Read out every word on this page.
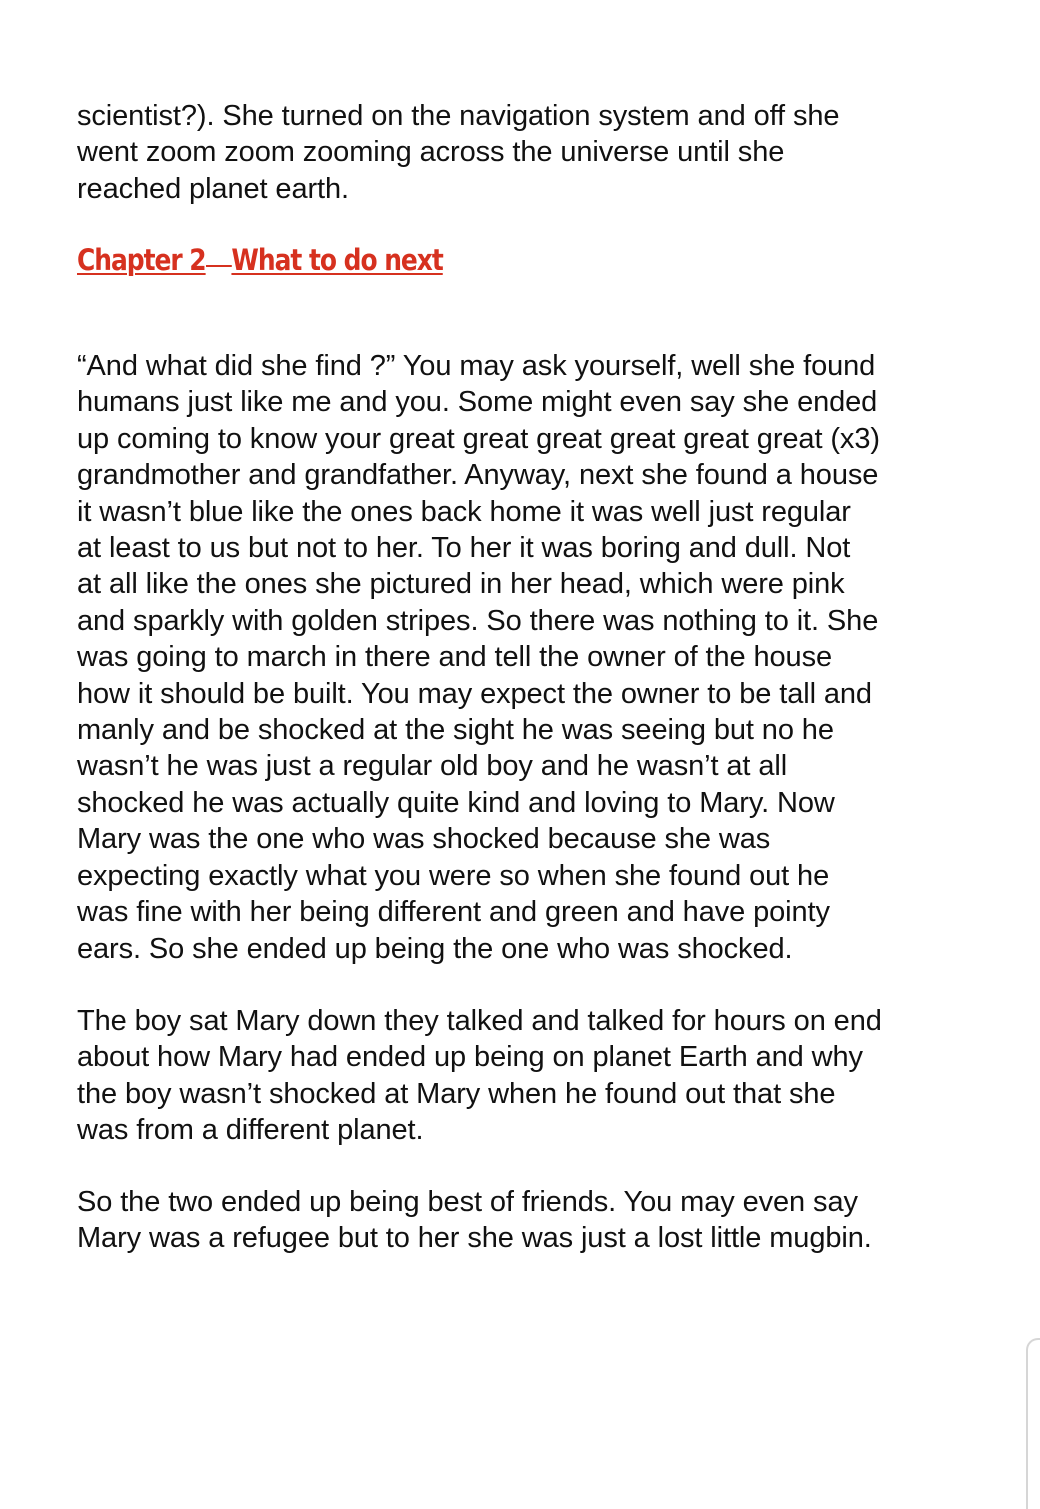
scientist?). She turned on the navigation system and off she
went zoom zoom zooming across the universe until she
reached planet earth.

Chapter 2 What to do next

“And what did she find ?” You may ask yourself, well she found
humans just like me and you. Some might even say she ended
up coming to know your great great great great great great (x3)
grandmother and grandfather. Anyway, next she found a house
it wasn’t blue like the ones back home it was well just regular
at least to us but not to her. To her it was boring and dull. Not
at all like the ones she pictured in her head, which were pink
and sparkly with golden stripes. So there was nothing to it. She
was going to march in there and tell the owner of the house
how it should be built. You may expect the owner to be tall and
manly and be shocked at the sight he was seeing but no he
wasn’t he was just a regular old boy and he wasn’t at all
shocked he was actually quite kind and loving to Mary. Now
Mary was the one who was shocked because she was
expecting exactly what you were so when she found out he
was fine with her being different and green and have pointy
ears. So she ended up being the one who was shocked.

The boy sat Mary down they talked and talked for hours on end
about how Mary had ended up being on planet Earth and why
the boy wasn’t shocked at Mary when he found out that she
was from a different planet.

So the two ended up being best of friends. You may even say
Mary was a refugee but to her she was just a lost little mugbin.
